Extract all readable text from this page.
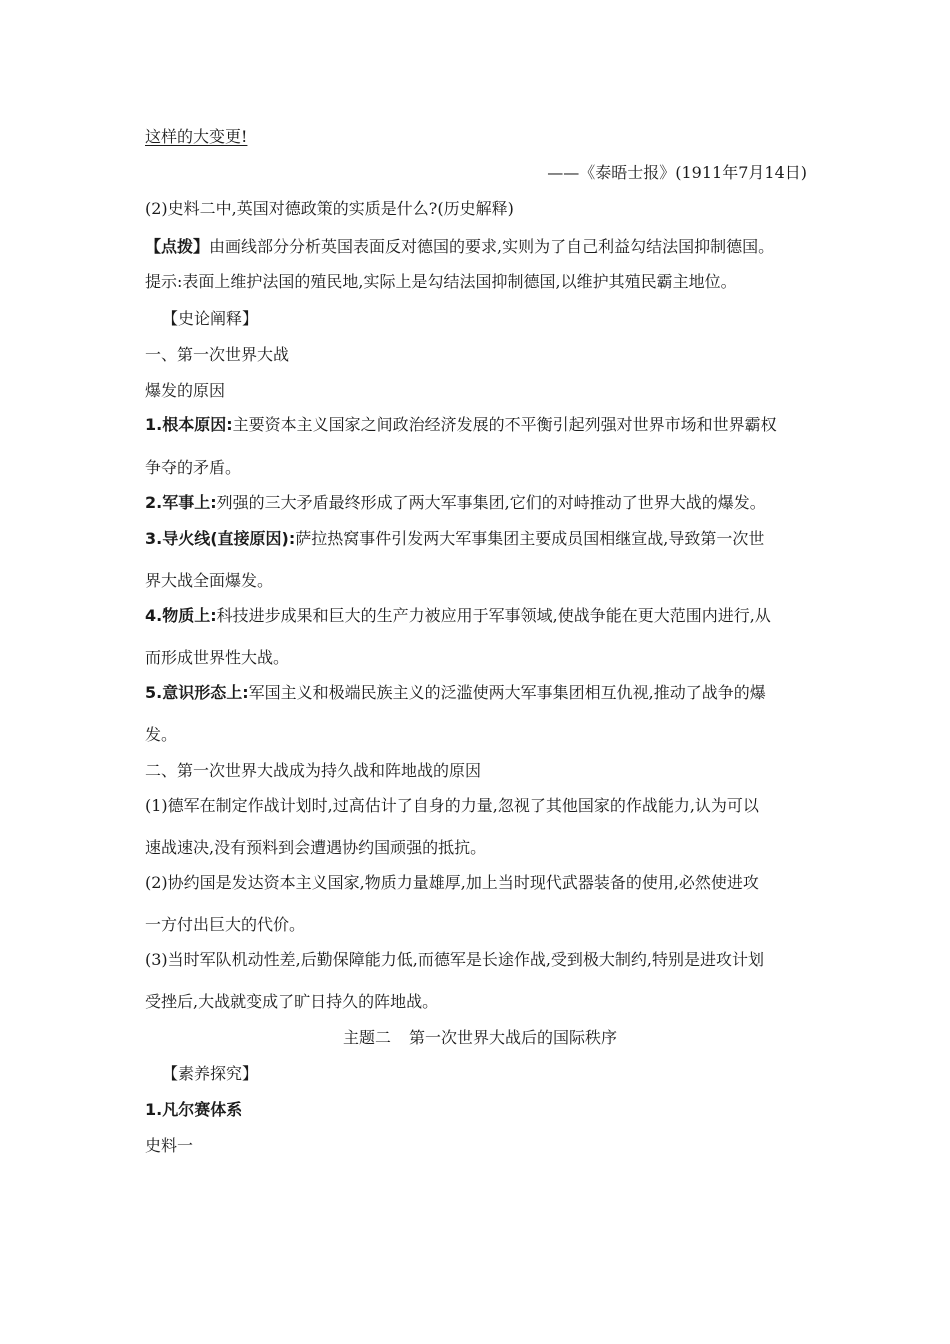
这样的大变更!
——《泰晤士报》(1911年7月14日)
(2)史料二中,英国对德政策的实质是什么?(历史解释)
【点拨】由画线部分分析英国表面反对德国的要求,实则为了自己利益勾结法国抑制德国。
提示:表面上维护法国的殖民地,实际上是勾结法国抑制德国,以维护其殖民霸主地位。
【史论阐释】
一、第一次世界大战
爆发的原因
1.根本原因:主要资本主义国家之间政治经济发展的不平衡引起列强对世界市场和世界霸权
争夺的矛盾。
2.军事上:列强的三大矛盾最终形成了两大军事集团,它们的对峙推动了世界大战的爆发。
3.导火线(直接原因):萨拉热窝事件引发两大军事集团主要成员国相继宣战,导致第一次世
界大战全面爆发。
4.物质上:科技进步成果和巨大的生产力被应用于军事领域,使战争能在更大范围内进行,从
而形成世界性大战。
5.意识形态上:军国主义和极端民族主义的泛滥使两大军事集团相互仇视,推动了战争的爆
发。
二、第一次世界大战成为持久战和阵地战的原因
(1)德军在制定作战计划时,过高估计了自身的力量,忽视了其他国家的作战能力,认为可以
速战速决,没有预料到会遭遇协约国顽强的抵抗。
(2)协约国是发达资本主义国家,物质力量雄厚,加上当时现代武器装备的使用,必然使进攻
一方付出巨大的代价。
(3)当时军队机动性差,后勤保障能力低,而德军是长途作战,受到极大制约,特别是进攻计划
受挫后,大战就变成了旷日持久的阵地战。
主题二 第一次世界大战后的国际秩序
【素养探究】
1.凡尔赛体系
史料一
